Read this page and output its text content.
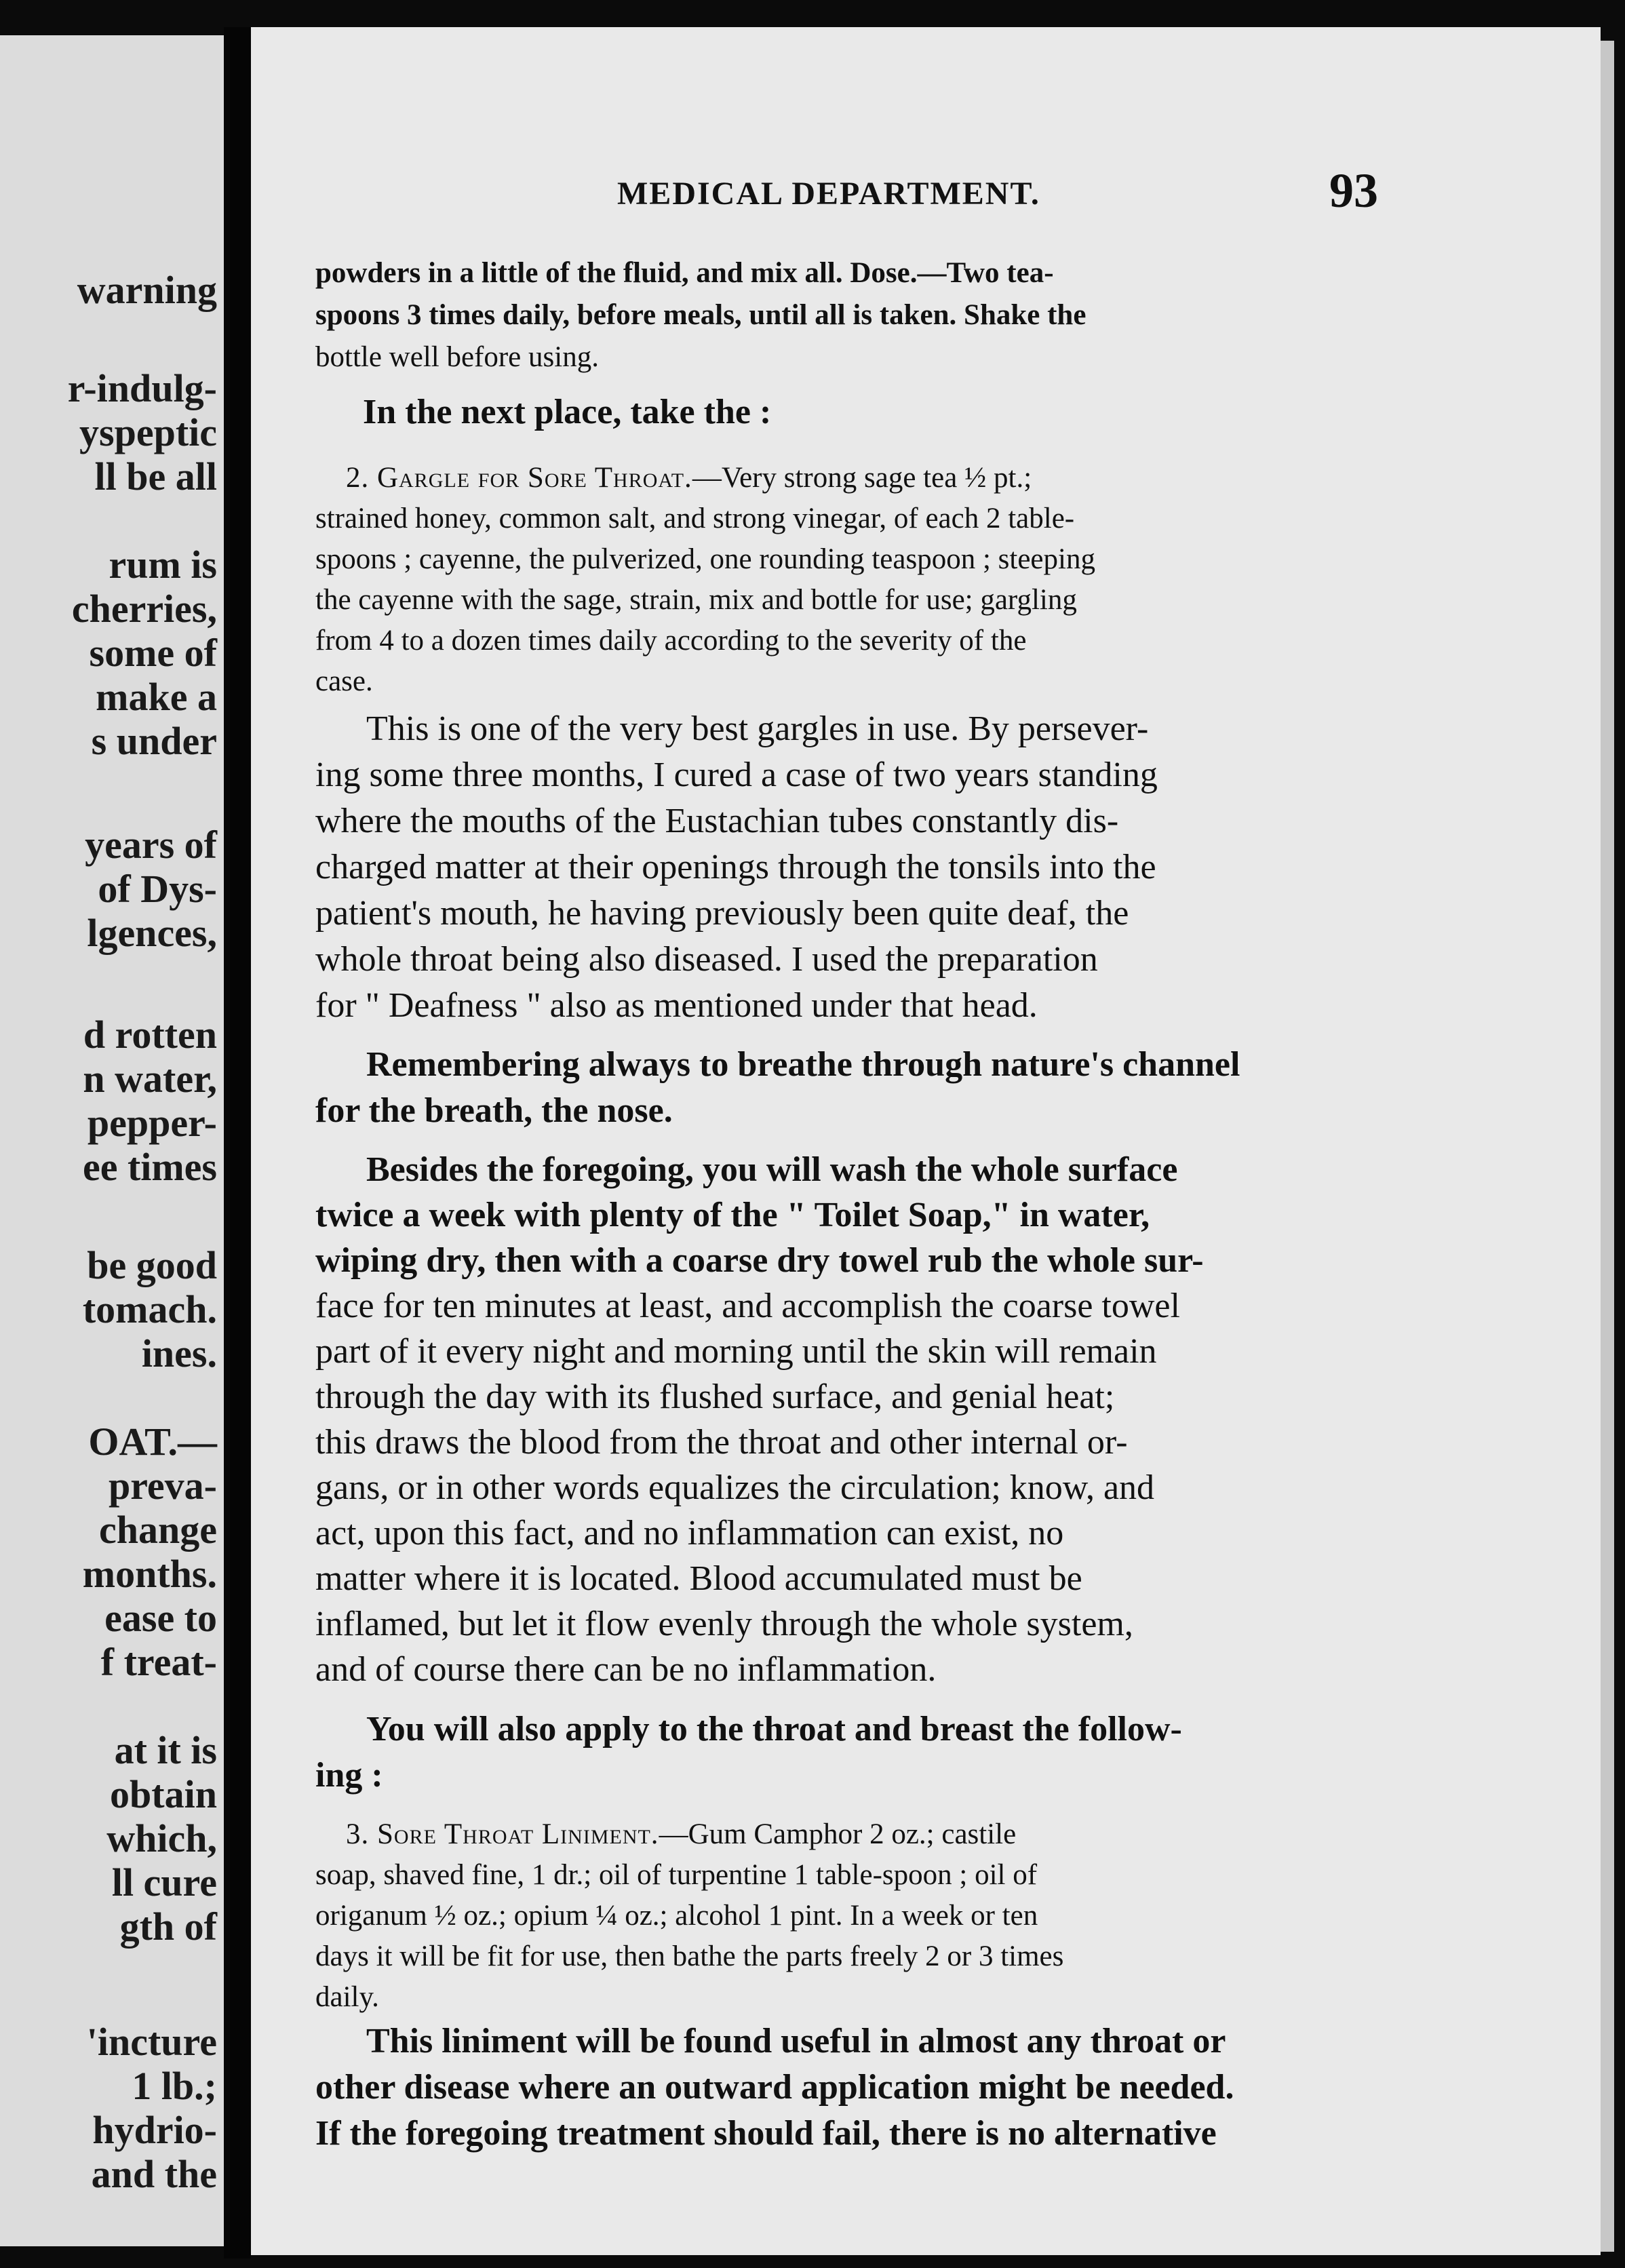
warning
r-indulg-
yspeptic
ll be all
rum is
cherries,
some of
make a
s under
years of
of Dys-
lgences,
d rotten
n water,
pepper-
ee times
be good
tomach.
ines.
OAT.—
preva-
change
months.
ease to
f treat-
at it is
obtain
which,
ll cure
gth of
'incture
1 lb.;
hydrio-
and the
MEDICAL DEPARTMENT.	93
powders in a little of the fluid, and mix all. Dose.—Two tea-
spoons 3 times daily, before meals, until all is taken. Shake the
bottle well before using.
In the next place, take the :
2. Gargle for Sore Throat.—Very strong sage tea ½ pt.;
strained honey, common salt, and strong vinegar, of each 2 table-
spoons ; cayenne, the pulverized, one rounding teaspoon ; steeping
the cayenne with the sage, strain, mix and bottle for use; gargling
from 4 to a dozen times daily according to the severity of the
case.
This is one of the very best gargles in use. By persever-
ing some three months, I cured a case of two years standing
where the mouths of the Eustachian tubes constantly dis-
charged matter at their openings through the tonsils into the
patient's mouth, he having previously been quite deaf, the
whole throat being also diseased. I used the preparation
for " Deafness " also as mentioned under that head.
Remembering always to breathe through nature's channel
for the breath, the nose.
Besides the foregoing, you will wash the whole surface
twice a week with plenty of the " Toilet Soap," in water,
wiping dry, then with a coarse dry towel rub the whole sur-
face for ten minutes at least, and accomplish the coarse towel
part of it every night and morning until the skin will remain
through the day with its flushed surface, and genial heat;
this draws the blood from the throat and other internal or-
gans, or in other words equalizes the circulation; know, and
act, upon this fact, and no inflammation can exist, no
matter where it is located. Blood accumulated must be
inflamed, but let it flow evenly through the whole system,
and of course there can be no inflammation.
You will also apply to the throat and breast the follow-
ing :
3. Sore Throat Liniment.—Gum Camphor 2 oz.; castile
soap, shaved fine, 1 dr.; oil of turpentine 1 table-spoon ; oil of
origanum ½ oz.; opium ¼ oz.; alcohol 1 pint. In a week or ten
days it will be fit for use, then bathe the parts freely 2 or 3 times
daily.
This liniment will be found useful in almost any throat or
other disease where an outward application might be needed.
If the foregoing treatment should fail, there is no alternative
